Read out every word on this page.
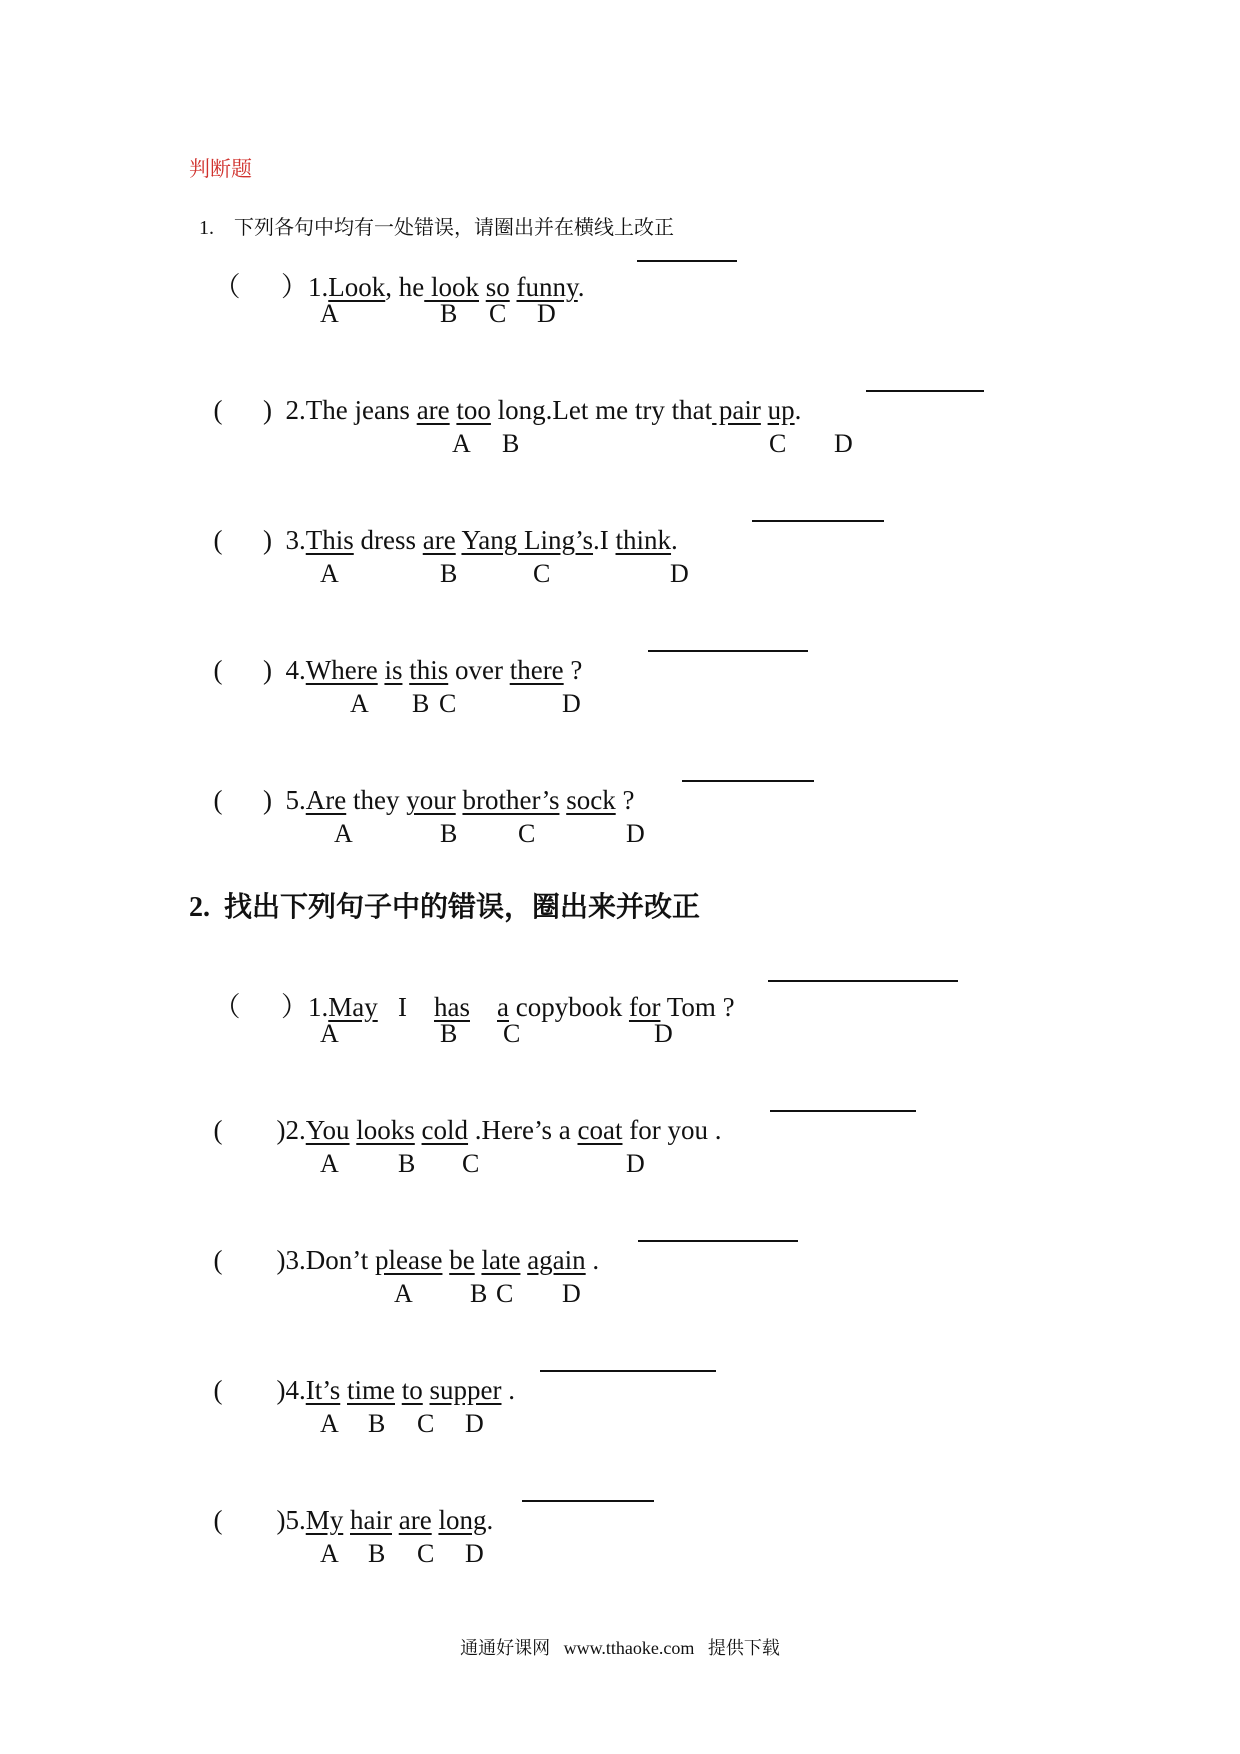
判断题

1. 下列各句中均有一处错误，请圈出并在横线上改正

（      ）1.Look, he look so funny.

A	B C D

(      ) 2.The jeans are too long.Let me try that pair up.

A B	C D

(      ) 3.This dress are Yang Ling’s.I think.

A	B	C	D

(      ) 4.Where is this over there ?

A B C	D

(      ) 5.Are they your brother’s sock ?

A	B C	D
2.  找出下列句子中的错误，圈出来并改正

（      ）1.May   I    has a copybook for Tom ?

A	B C	D

(        )2.You looks cold .Here’s a coat for you .

A B C	D

(        )3.Don’t please be late again .

A B C D

(        )4.It’s time to supper .

A B C D

(        )5.My hair are long.

A B C D
通通好课网   www.tthaoke.com   提供下载
